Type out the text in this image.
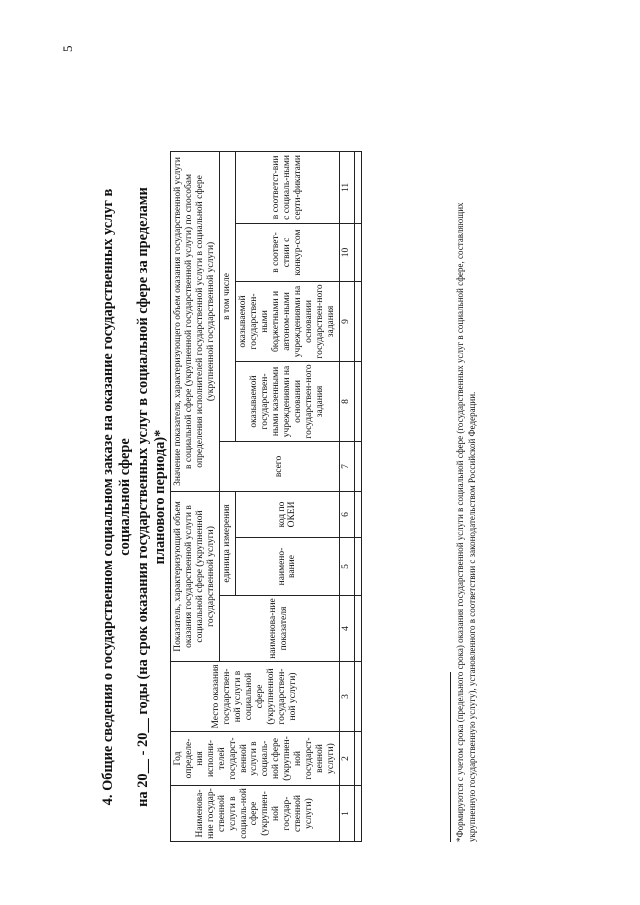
5
4. Общие сведения о государственном социальном заказе на оказание государственных услуг в социальной сфере на 20__ - 20__ годы (на срок оказания государственных услуг в социальной сфере за пределами планового периода)*
Наименова-ние государ-ственной услуги в социаль-ной сфере (укрупнен-ной государ-ственной услуги)	Год определе-ния исполни-телей государст-венной услуги в социаль-ной сфере (укрупнен-ной государст-венной услуги)	Место оказания государствен-ной услуги в социальной сфере (укрупненной государствен-ной услуги)	Показатель, характеризующий объем оказания государственной услуги в социальной сфере (укрупненной государственной услуги)			Значение показателя, характеризующего объем оказания государственной услуги в социальной сфере (укрупненной государственной услуги) по способам определения исполнителей государственной услуги в социальной сфере (укрупненной государственной услуги)				
			наименова-ние показателя	единица измерения		всего	в том числе			
				наимено-вание	код по ОКЕИ		оказываемой государствен-ными казенными учреждениями на основании государствен-ного задания	оказываемой государствен-ными бюджетными и автоном-ными учреждениями на основании государствен-ного задания	в соответ-ствии с конкур-сом	в соответст-вии с социаль-ными серти-фикатами

1	2	3	4	5	6	7	8	9	10	11

*Формируются с учетом срока (предельного срока) оказания государственной услуги в социальной сфере (государственных услуг в социальной сфере, составляющих укрупненную государственную услугу), установленного в соответствии с законодательством Российской Федерации.
